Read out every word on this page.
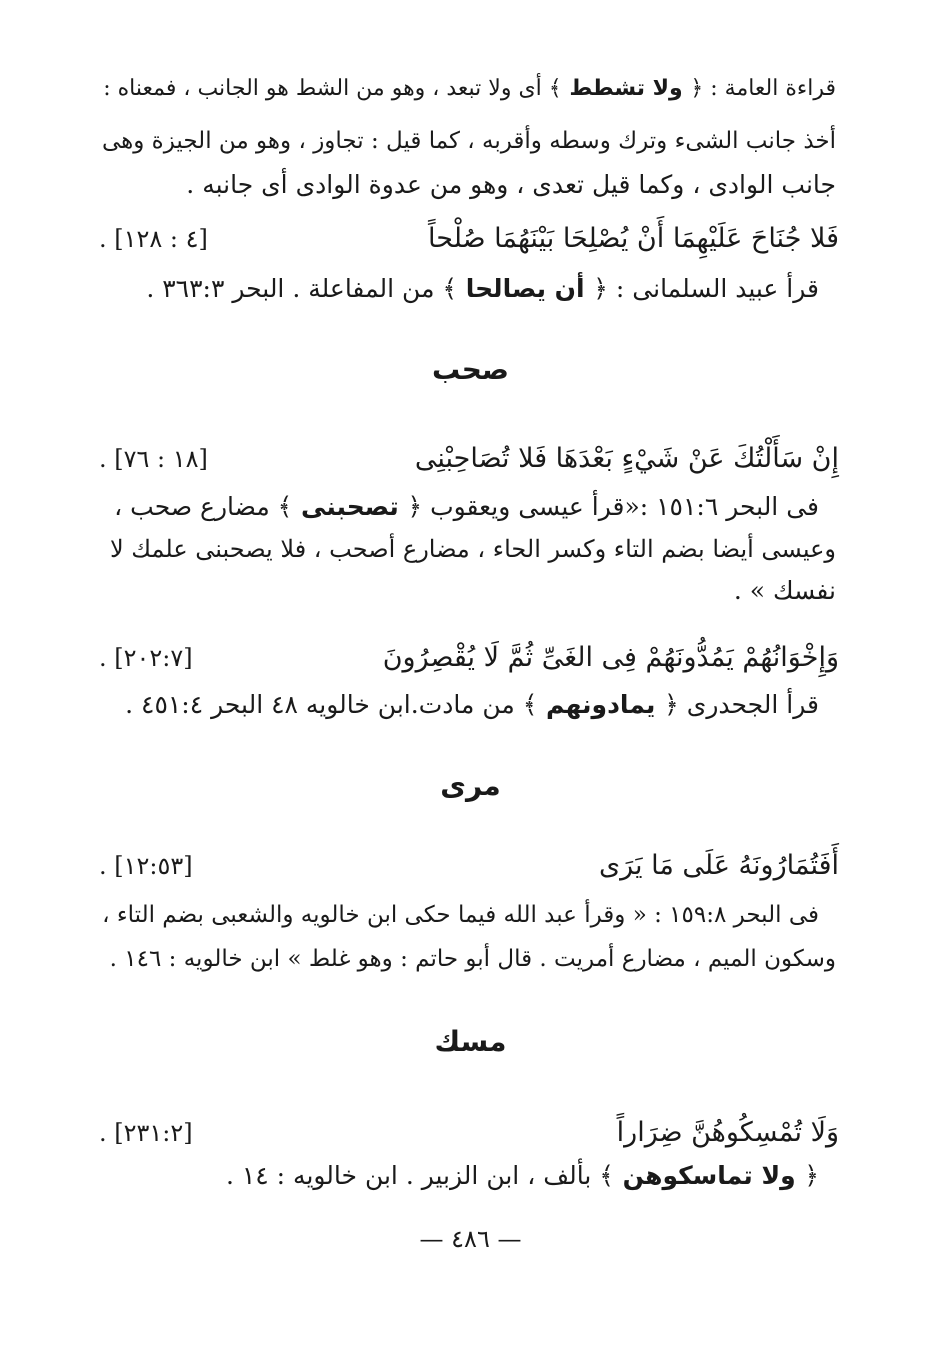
قراءة العامة : ﴿ ولا تشطط ﴾ أى ولا تبعد ، وهو من الشط هو الجانب ، فمعناه :
أخذ جانب الشىء وترك وسطه وأقربه ، كما قيل : تجاوز ، وهو من الجيزة وهى
جانب الوادى ، وكما قيل تعدى ، وهو من عدوة الوادى أى جانبه .
فَلا جُنَاحَ عَلَيْهِمَا أَنْ يُصْلِحَا بَيْنَهُمَا صُلْحاً
. [٤ : ١٢٨]
قرأ عبيد السلمانى : ﴿ أن يصالحا ﴾ من المفاعلة . البحر ٣٦٣:٣ .
صحب
إِنْ سَأَلْتُكَ عَنْ شَيْءٍ بَعْدَهَا فَلا تُصَاحِبْنِى
. [١٨ : ٧٦]
فى البحر ١٥١:٦ :«قرأ عيسى ويعقوب ﴿ تصحبنى ﴾ مضارع صحب ،
وعيسى أيضا بضم التاء وكسر الحاء ، مضارع أصحب ، فلا يصحبنى علمك لا
نفسك » .
وَإِخْوَانُهُمْ يَمُدُّونَهُمْ فِى الغَىِّ ثُمَّ لَا يُقْصِرُونَ
. [٢٠٢:٧]
قرأ الجحدرى ﴿ يمادونهم ﴾ من مادت.ابن خالويه ٤٨ البحر ٤٥١:٤ .
مرى
أَفَتُمَارُونَهُ عَلَى مَا يَرَى
. [١٢:٥٣]
فى البحر ١٥٩:٨ : « وقرأ عبد الله فيما حكى ابن خالويه والشعبى بضم التاء ،
وسكون الميم ، مضارع أمريت . قال أبو حاتم : وهو غلط » ابن خالويه : ١٤٦ .
مسك
وَلَا تُمْسِكُوهُنَّ ضِرَاراً
. [٢٣١:٢]
﴿ ولا تماسكوهن ﴾ بألف ، ابن الزبير . ابن خالويه : ١٤ .
— ٤٨٦ —
